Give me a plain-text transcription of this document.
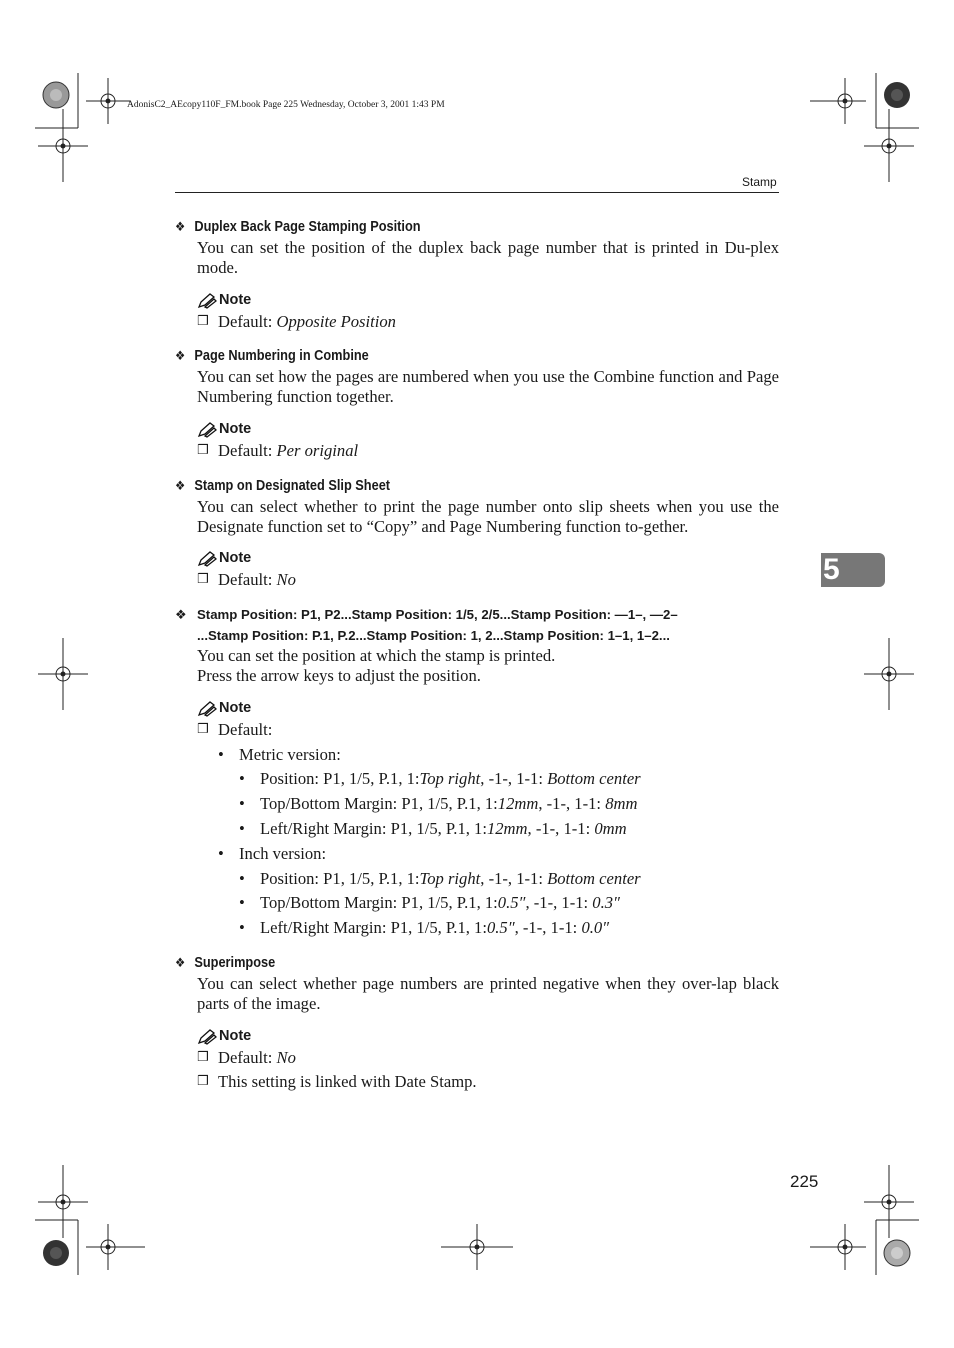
AdonisC2_AEcopy110F_FM.book Page 225 Wednesday, October 3, 2001 1:43 PM
Stamp
5
❖ Duplex Back Page Stamping Position

You can set the position of the duplex back page number that is printed in Du-plex mode.

Note
❒ Default: Opposite Position
❖ Page Numbering in Combine

You can set how the pages are numbered when you use the Combine function and Page Numbering function together.

Note
❒ Default: Per original
❖ Stamp on Designated Slip Sheet

You can select whether to print the page number onto slip sheets when you use the Designate function set to “Copy” and Page Numbering function to-gether.

Note
❒ Default: No
❖ Stamp Position: P1, P2...Stamp Position: 1/5, 2/5...Stamp Position: —1–, —2–
...Stamp Position: P.1, P.2...Stamp Position: 1, 2...Stamp Position: 1–1, 1–2...

You can set the position at which the stamp is printed.

Press the arrow keys to adjust the position.

Note
❒ Default:
• Metric version:
• Position: P1, 1/5, P.1, 1:Top right, -1-, 1-1: Bottom center
• Top/Bottom Margin: P1, 1/5, P.1, 1:12mm, -1-, 1-1: 8mm
• Left/Right Margin: P1, 1/5, P.1, 1:12mm, -1-, 1-1: 0mm
• Inch version:
• Position: P1, 1/5, P.1, 1:Top right, -1-, 1-1: Bottom center
• Top/Bottom Margin: P1, 1/5, P.1, 1:0.5″, -1-, 1-1: 0.3″
• Left/Right Margin: P1, 1/5, P.1, 1:0.5″, -1-, 1-1: 0.0″
❖ Superimpose

You can select whether page numbers are printed negative when they over-lap black parts of the image.

Note
❒ Default: No
❒ This setting is linked with Date Stamp.
225
